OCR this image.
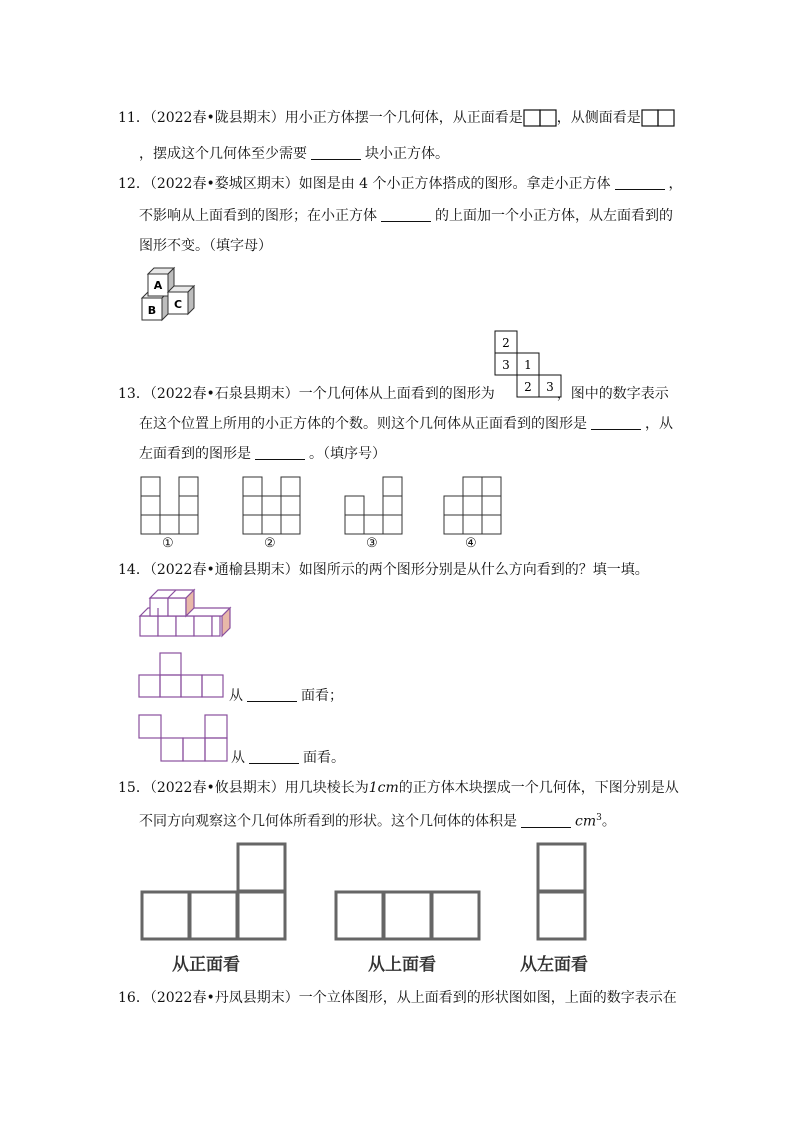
11．（2022春•陇县期末）用小正方体摆一个几何体，从正面看是 ，从侧面看是
，摆成这个几何体至少需要	块小正方体。
12．（2022春•婺城区期末）如图是由 4 个小正方体搭成的图形。拿走小正方体	，
不影响从上面看到的图形；在小正方体	的上面加一个小正方体，从左面看到的
图形不变。（填字母）
A
B C
2
3 1
2 3
13．（2022春•石泉县期末）一个几何体从上面看到的图形为	，图中的数字表示
在这个位置上所用的小正方体的个数。则这个几何体从正面看到的图形是	，从
左面看到的图形是	。（填序号）
①	②	③	④
14．（2022春•通榆县期末）如图所示的两个图形分别是从什么方向看到的？填一填。
从	面看；
从	面看。
15．（2022春•攸县期末）用几块棱长为1cm的正方体木块摆成一个几何体，下图分别是从
不同方向观察这个几何体所看到的形状。这个几何体的体积是	$cm^3$。
从正面看	从上面看	从左面看
16．（2022春•丹凤县期末）一个立体图形，从上面看到的形状图如图，上面的数字表示在
